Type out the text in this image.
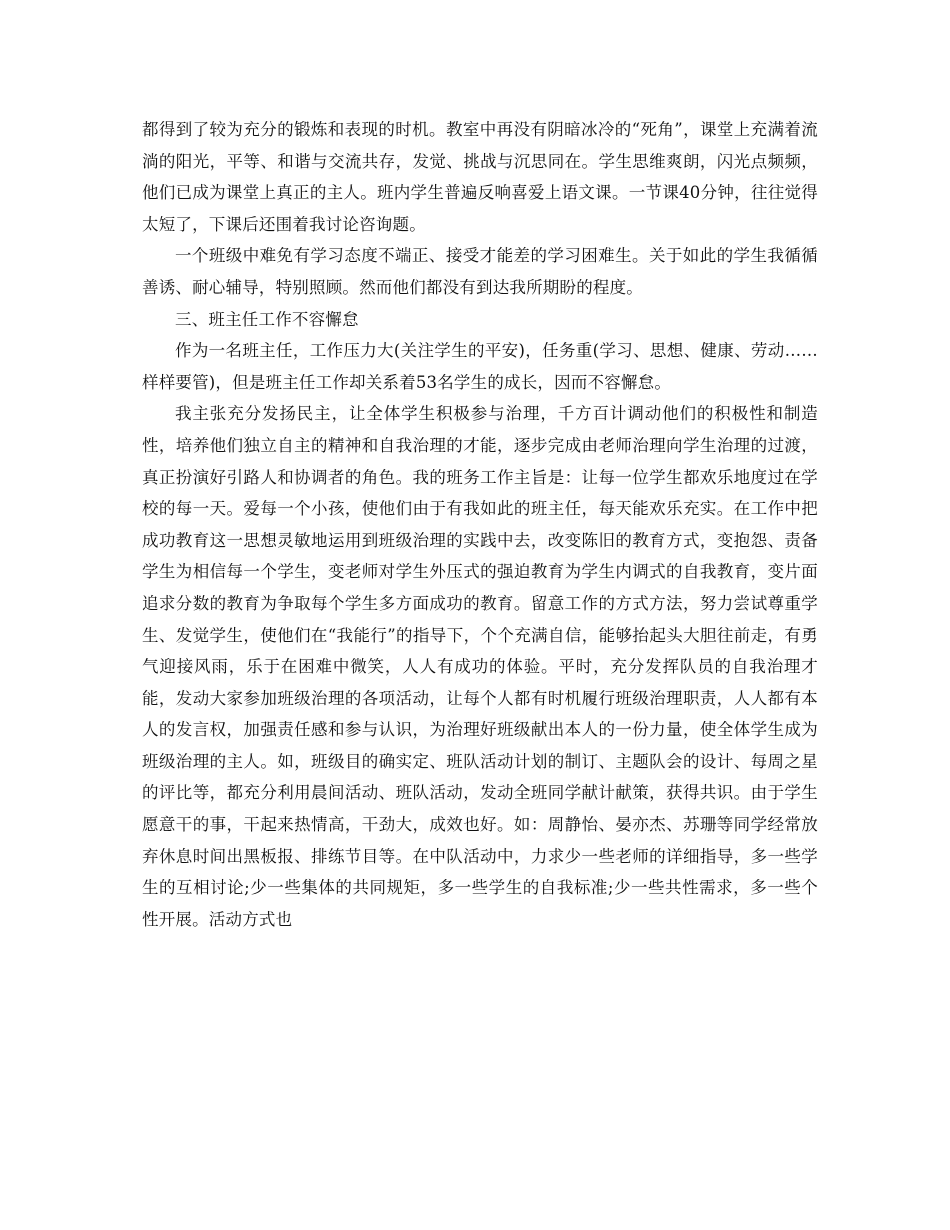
都得到了较为充分的锻炼和表现的时机。教室中再没有阴暗冰冷的“死角”，课堂上充满着流淌的阳光，平等、和谐与交流共存，发觉、挑战与沉思同在。学生思维爽朗，闪光点频频，他们已成为课堂上真正的主人。班内学生普遍反响喜爱上语文课。一节课40分钟，往往觉得太短了，下课后还围着我讨论咨询题。

一个班级中难免有学习态度不端正、接受才能差的学习困难生。关于如此的学生我循循善诱、耐心辅导，特别照顾。然而他们都没有到达我所期盼的程度。

三、班主任工作不容懈怠

作为一名班主任，工作压力大(关注学生的平安)，任务重(学习、思想、健康、劳动……样样要管)，但是班主任工作却关系着53名学生的成长，因而不容懈怠。

我主张充分发扬民主，让全体学生积极参与治理，千方百计调动他们的积极性和制造性，培养他们独立自主的精神和自我治理的才能，逐步完成由老师治理向学生治理的过渡，真正扮演好引路人和协调者的角色。我的班务工作主旨是：让每一位学生都欢乐地度过在学校的每一天。爱每一个小孩，使他们由于有我如此的班主任，每天能欢乐充实。在工作中把成功教育这一思想灵敏地运用到班级治理的实践中去，改变陈旧的教育方式，变抱怨、责备学生为相信每一个学生，变老师对学生外压式的强迫教育为学生内调式的自我教育，变片面追求分数的教育为争取每个学生多方面成功的教育。留意工作的方式方法，努力尝试尊重学生、发觉学生，使他们在“我能行”的指导下，个个充满自信，能够抬起头大胆往前走，有勇气迎接风雨，乐于在困难中微笑，人人有成功的体验。平时，充分发挥队员的自我治理才能，发动大家参加班级治理的各项活动，让每个人都有时机履行班级治理职责，人人都有本人的发言权，加强责任感和参与认识，为治理好班级献出本人的一份力量，使全体学生成为班级治理的主人。如，班级目的确实定、班队活动计划的制订、主题队会的设计、每周之星的评比等，都充分利用晨间活动、班队活动，发动全班同学献计献策，获得共识。由于学生愿意干的事，干起来热情高，干劲大，成效也好。如：周静怡、晏亦杰、苏珊等同学经常放弃休息时间出黑板报、排练节目等。在中队活动中，力求少一些老师的详细指导，多一些学生的互相讨论;少一些集体的共同规矩，多一些学生的自我标准;少一些共性需求，多一些个性开展。活动方式也
